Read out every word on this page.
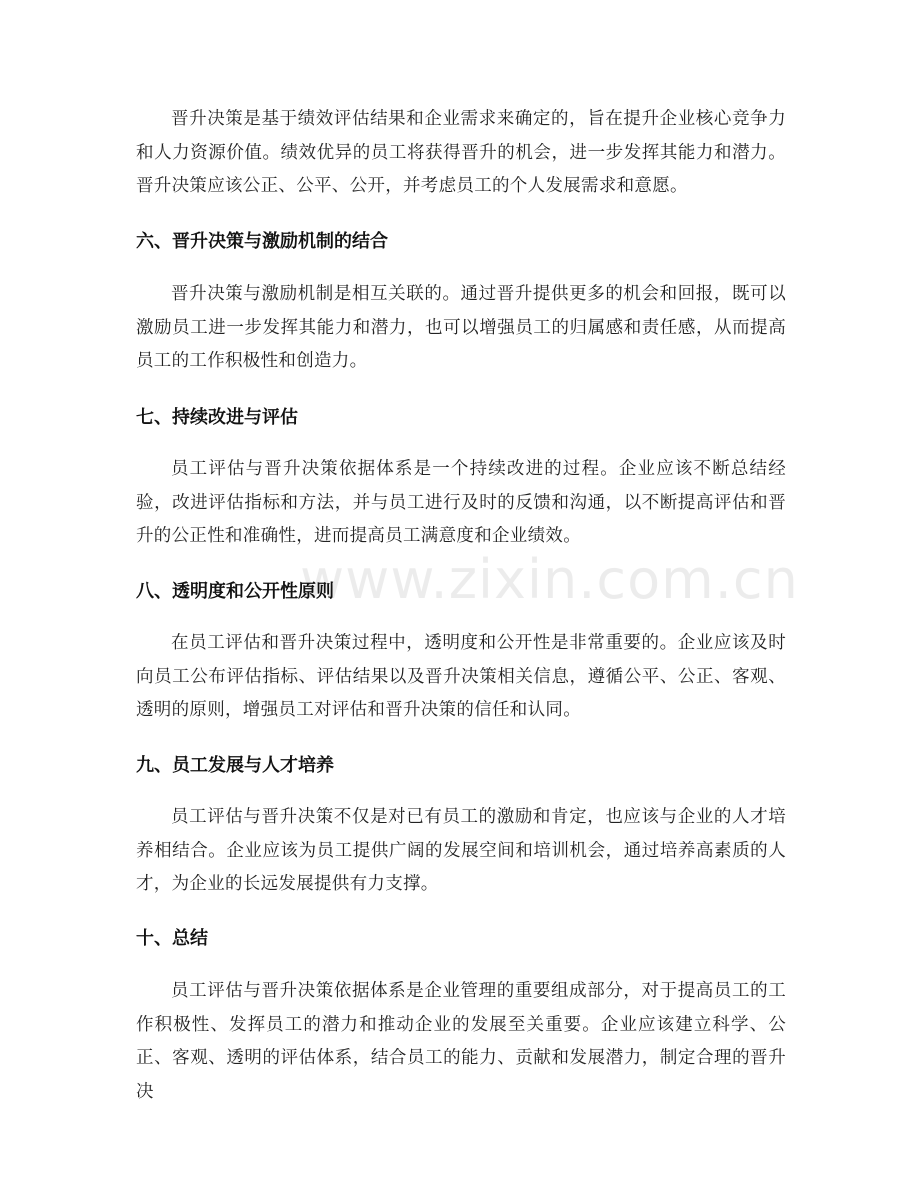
www.zixin.com.cn

晋升决策是基于绩效评估结果和企业需求来确定的，旨在提升企业核心竞争力和人力资源价值。绩效优异的员工将获得晋升的机会，进一步发挥其能力和潜力。晋升决策应该公正、公平、公开，并考虑员工的个人发展需求和意愿。

六、晋升决策与激励机制的结合

晋升决策与激励机制是相互关联的。通过晋升提供更多的机会和回报，既可以激励员工进一步发挥其能力和潜力，也可以增强员工的归属感和责任感，从而提高员工的工作积极性和创造力。

七、持续改进与评估

员工评估与晋升决策依据体系是一个持续改进的过程。企业应该不断总结经验，改进评估指标和方法，并与员工进行及时的反馈和沟通，以不断提高评估和晋升的公正性和准确性，进而提高员工满意度和企业绩效。

八、透明度和公开性原则

在员工评估和晋升决策过程中，透明度和公开性是非常重要的。企业应该及时向员工公布评估指标、评估结果以及晋升决策相关信息，遵循公平、公正、客观、透明的原则，增强员工对评估和晋升决策的信任和认同。

九、员工发展与人才培养

员工评估与晋升决策不仅是对已有员工的激励和肯定，也应该与企业的人才培养相结合。企业应该为员工提供广阔的发展空间和培训机会，通过培养高素质的人才，为企业的长远发展提供有力支撑。

十、总结

员工评估与晋升决策依据体系是企业管理的重要组成部分，对于提高员工的工作积极性、发挥员工的潜力和推动企业的发展至关重要。企业应该建立科学、公正、客观、透明的评估体系，结合员工的能力、贡献和发展潜力，制定合理的晋升决
